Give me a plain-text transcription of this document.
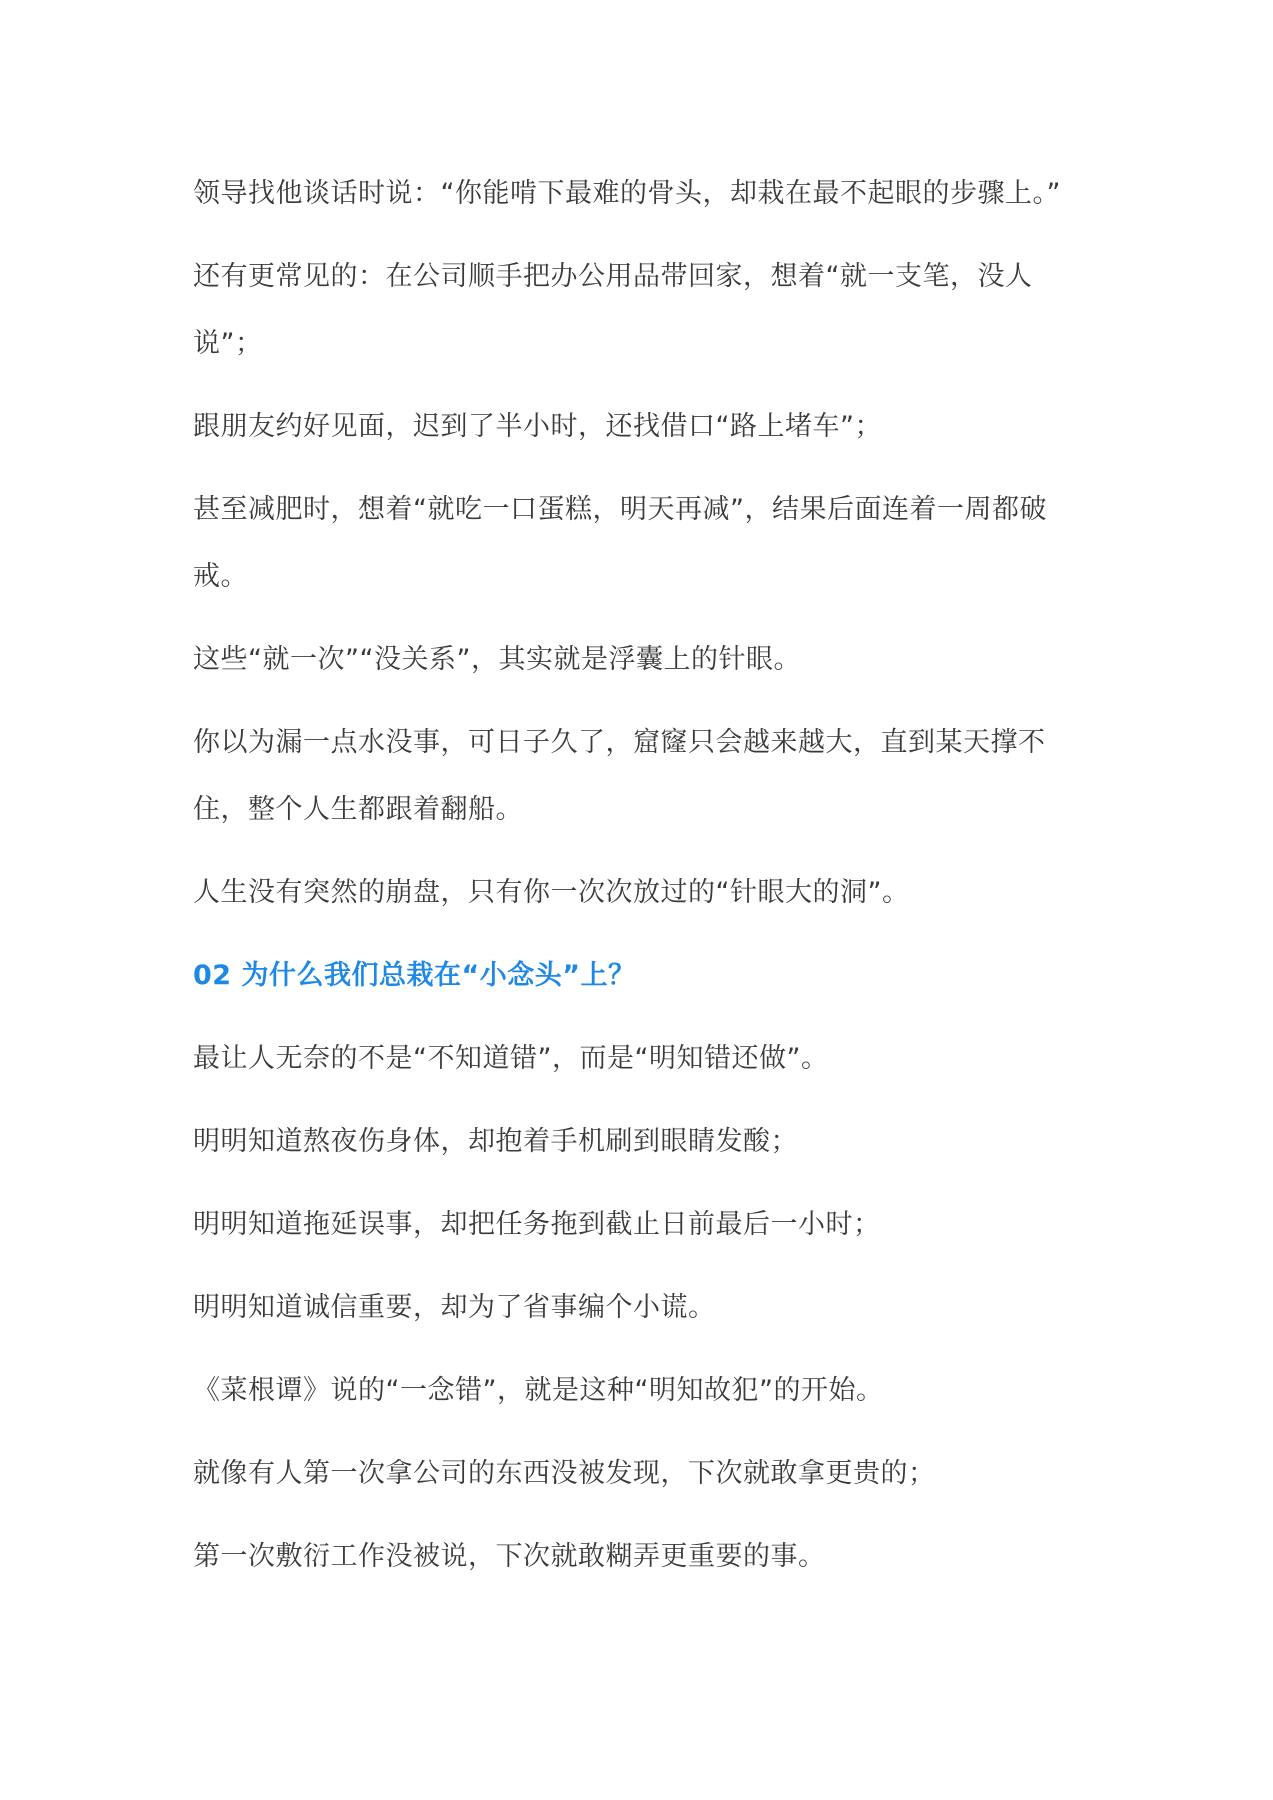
领导找他谈话时说：“你能啃下最难的骨头，却栽在最不起眼的步骤上。”

还有更常见的：在公司顺手把办公用品带回家，想着“就一支笔，没人说”；

跟朋友约好见面，迟到了半小时，还找借口“路上堵车”；

甚至减肥时，想着“就吃一口蛋糕，明天再减”，结果后面连着一周都破戒。

这些“就一次”“没关系”，其实就是浮囊上的针眼。

你以为漏一点水没事，可日子久了，窟窿只会越来越大，直到某天撑不住，整个人生都跟着翻船。

人生没有突然的崩盘，只有你一次次放过的“针眼大的洞”。

02 为什么我们总栽在“小念头”上？

最让人无奈的不是“不知道错”，而是“明知错还做”。

明明知道熬夜伤身体，却抱着手机刷到眼睛发酸；

明明知道拖延误事，却把任务拖到截止日前最后一小时；

明明知道诚信重要，却为了省事编个小谎。

《菜根谭》说的“一念错”，就是这种“明知故犯”的开始。

就像有人第一次拿公司的东西没被发现，下次就敢拿更贵的；

第一次敷衍工作没被说，下次就敢糊弄更重要的事。
